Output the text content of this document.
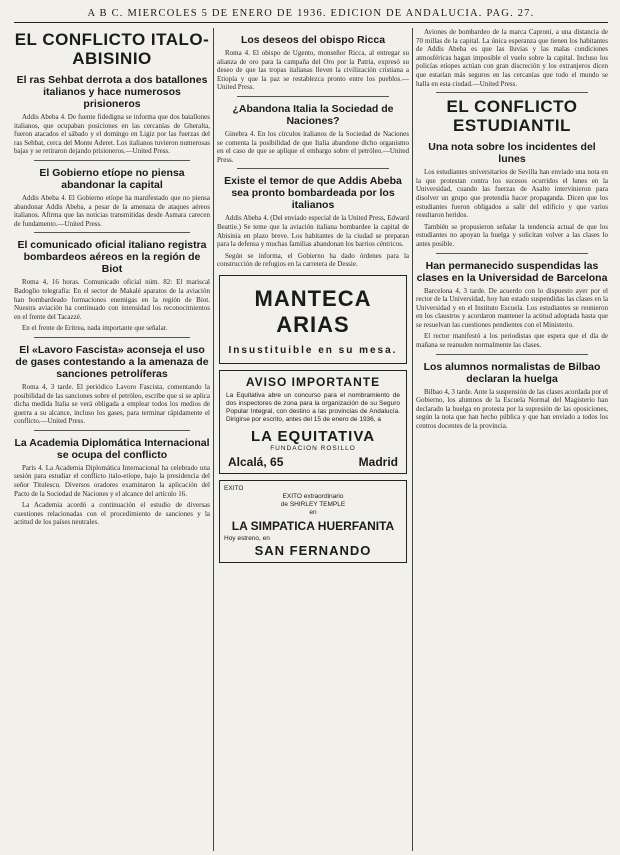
A B C. MIERCOLES 5 DE ENERO DE 1936. EDICION DE ANDALUCIA. PAG. 27.
EL CONFLICTO ITALO-ABISINIO
El ras Sehbat derrota a dos batallones italianos y hace numerosos prisioneros

Addis Abeba 4. De fuente fidedigna se informa que dos batallones italianos, que ocupaban posiciones en las cercanías de Gheralta, fueron atacados el sábado y el domingo en Ligiz por las fuerzas del ras Sehbat, cerca del Monte Aderet. Los italianos tuvieron numerosas bajas y se retiraron dejando prisioneros.—United Press.

El Gobierno etíope no piensa abandonar la capital

Addis Abeba 4. El Gobierno etíope ha manifestado que no piensa abandonar Addis Abeba, a pesar de la amenaza de ataques aéreos italianos. Afirma que las noticias transmitidas desde Asmara carecen de fundamento.—United Press.

El comunicado oficial italiano registra bombardeos aéreos en la región de Biot

Roma 4, 16 horas. Comunicado oficial núm. 82: El mariscal Badoglio telegrafía: En el sector de Makalé aparatos de la aviación han bombardeado formaciones enemigas en la región de Biot. Nuestra aviación ha continuado con intensidad los reconocimientos en el frente del Tacazzé.

En el frente de Eritrea, nada importante que señalar.

El «Lavoro Fascista» aconseja el uso de gases contestando a la amenaza de sanciones petrolíferas

Roma 4, 3 tarde. El periódico Lavoro Fascista, comentando la posibilidad de las sanciones sobre el petróleo, escribe que si se aplica dicha medida Italia se verá obligada a emplear todos los medios de guerra a su alcance, incluso los gases, para terminar rápidamente el conflicto.—United Press.

La Academia Diplomática Internacional se ocupa del conflicto

París 4. La Academia Diplomática Internacional ha celebrado una sesión para estudiar el conflicto italo-etíope, bajo la presidencia del señor Titulescu. Diversos oradores examinaron la aplicación del Pacto de la Sociedad de Naciones y el alcance del artículo 16.

La Academia acordó a continuación el estudio de diversas cuestiones relacionadas con el procedimiento de sanciones y la actitud de los países neutrales.

Los deseos del obispo Ricca

Roma 4. El obispo de Ugento, monseñor Ricca, al entregar su alianza de oro para la campaña del Oro por la Patria, expresó su deseo de que las tropas italianas lleven la civilización cristiana a Etiopía y que la paz se restablezca pronto entre los pueblos.—United Press.

¿Abandona Italia la Sociedad de Naciones?

Ginebra 4. En los círculos italianos de la Sociedad de Naciones se comenta la posibilidad de que Italia abandone dicho organismo en el caso de que se aplique el embargo sobre el petróleo.—United Press.

Existe el temor de que Addis Abeba sea pronto bombardeada por los italianos

Addis Abeba 4. (Del enviado especial de la United Press, Edward Beattie.) Se teme que la aviación italiana bombardee la capital de Abisinia en plazo breve. Los habitantes de la ciudad se preparan para la defensa y muchas familias abandonan los barrios céntricos.

Según se informa, el Gobierno ha dado órdenes para la construcción de refugios en la carretera de Dessie.

MANTECA ARIAS
Insustituible en su mesa.
AVISO IMPORTANTE
La Equitativa abre un concurso para el nombramiento de dos inspectores de zona para la organización de su Seguro Popular Integral, con destino a las provincias de Andalucía. Dirigirse por escrito, antes del 15 de enero de 1936, a
LA EQUITATIVA
FUNDACION ROSILLO
Alcalá, 65	Madrid
EXITO
EXITO extraordinario
de SHIRLEY TEMPLE
en
LA SIMPATICA HUERFANITA
Hoy estreno, en
SAN FERNANDO

Aviones de bombardeo de la marca Caproni, a una distancia de 70 millas de la capital. La única esperanza que tienen los habitantes de Addis Abeba es que las lluvias y las malas condiciones atmosféricas hagan imposible el vuelo sobre la capital. Incluso los policías etíopes actúan con gran discreción y los extranjeros dicen que estarían más seguros en las cercanías que todo el mundo se halla en esta ciudad.—United Press.

EL CONFLICTO ESTUDIANTIL
Una nota sobre los incidentes del lunes

Los estudiantes universitarios de Sevilla han enviado una nota en la que protestan contra los sucesos ocurridos el lunes en la Universidad, cuando las fuerzas de Asalto intervinieron para disolver un grupo que pretendía hacer propaganda. Dicen que los estudiantes fueron obligados a salir del edificio y que varios resultaron heridos.

También se propusieron señalar la tendencia actual de que los estudiantes no apoyan la huelga y solicitan volver a las clases lo antes posible.

Han permanecido suspendidas las clases en la Universidad de Barcelona

Barcelona 4, 3 tarde. De acuerdo con lo dispuesto ayer por el rector de la Universidad, hoy han estado suspendidas las clases en la Universidad y en el Instituto Escuela. Los estudiantes se reunieron en los claustros y acordaron mantener la actitud adoptada hasta que se resuelvan las cuestiones pendientes con el Ministerio.

El rector manifestó a los periodistas que espera que el día de mañana se reanuden normalmente las clases.

Los alumnos normalistas de Bilbao declaran la huelga

Bilbao 4, 3 tarde. Ante la suspensión de las clases acordada por el Gobierno, los alumnos de la Escuela Normal del Magisterio han declarado la huelga en protesta por la supresión de las oposiciones, según la nota que han hecho pública y que han enviado a todos los centros docentes de la provincia.
